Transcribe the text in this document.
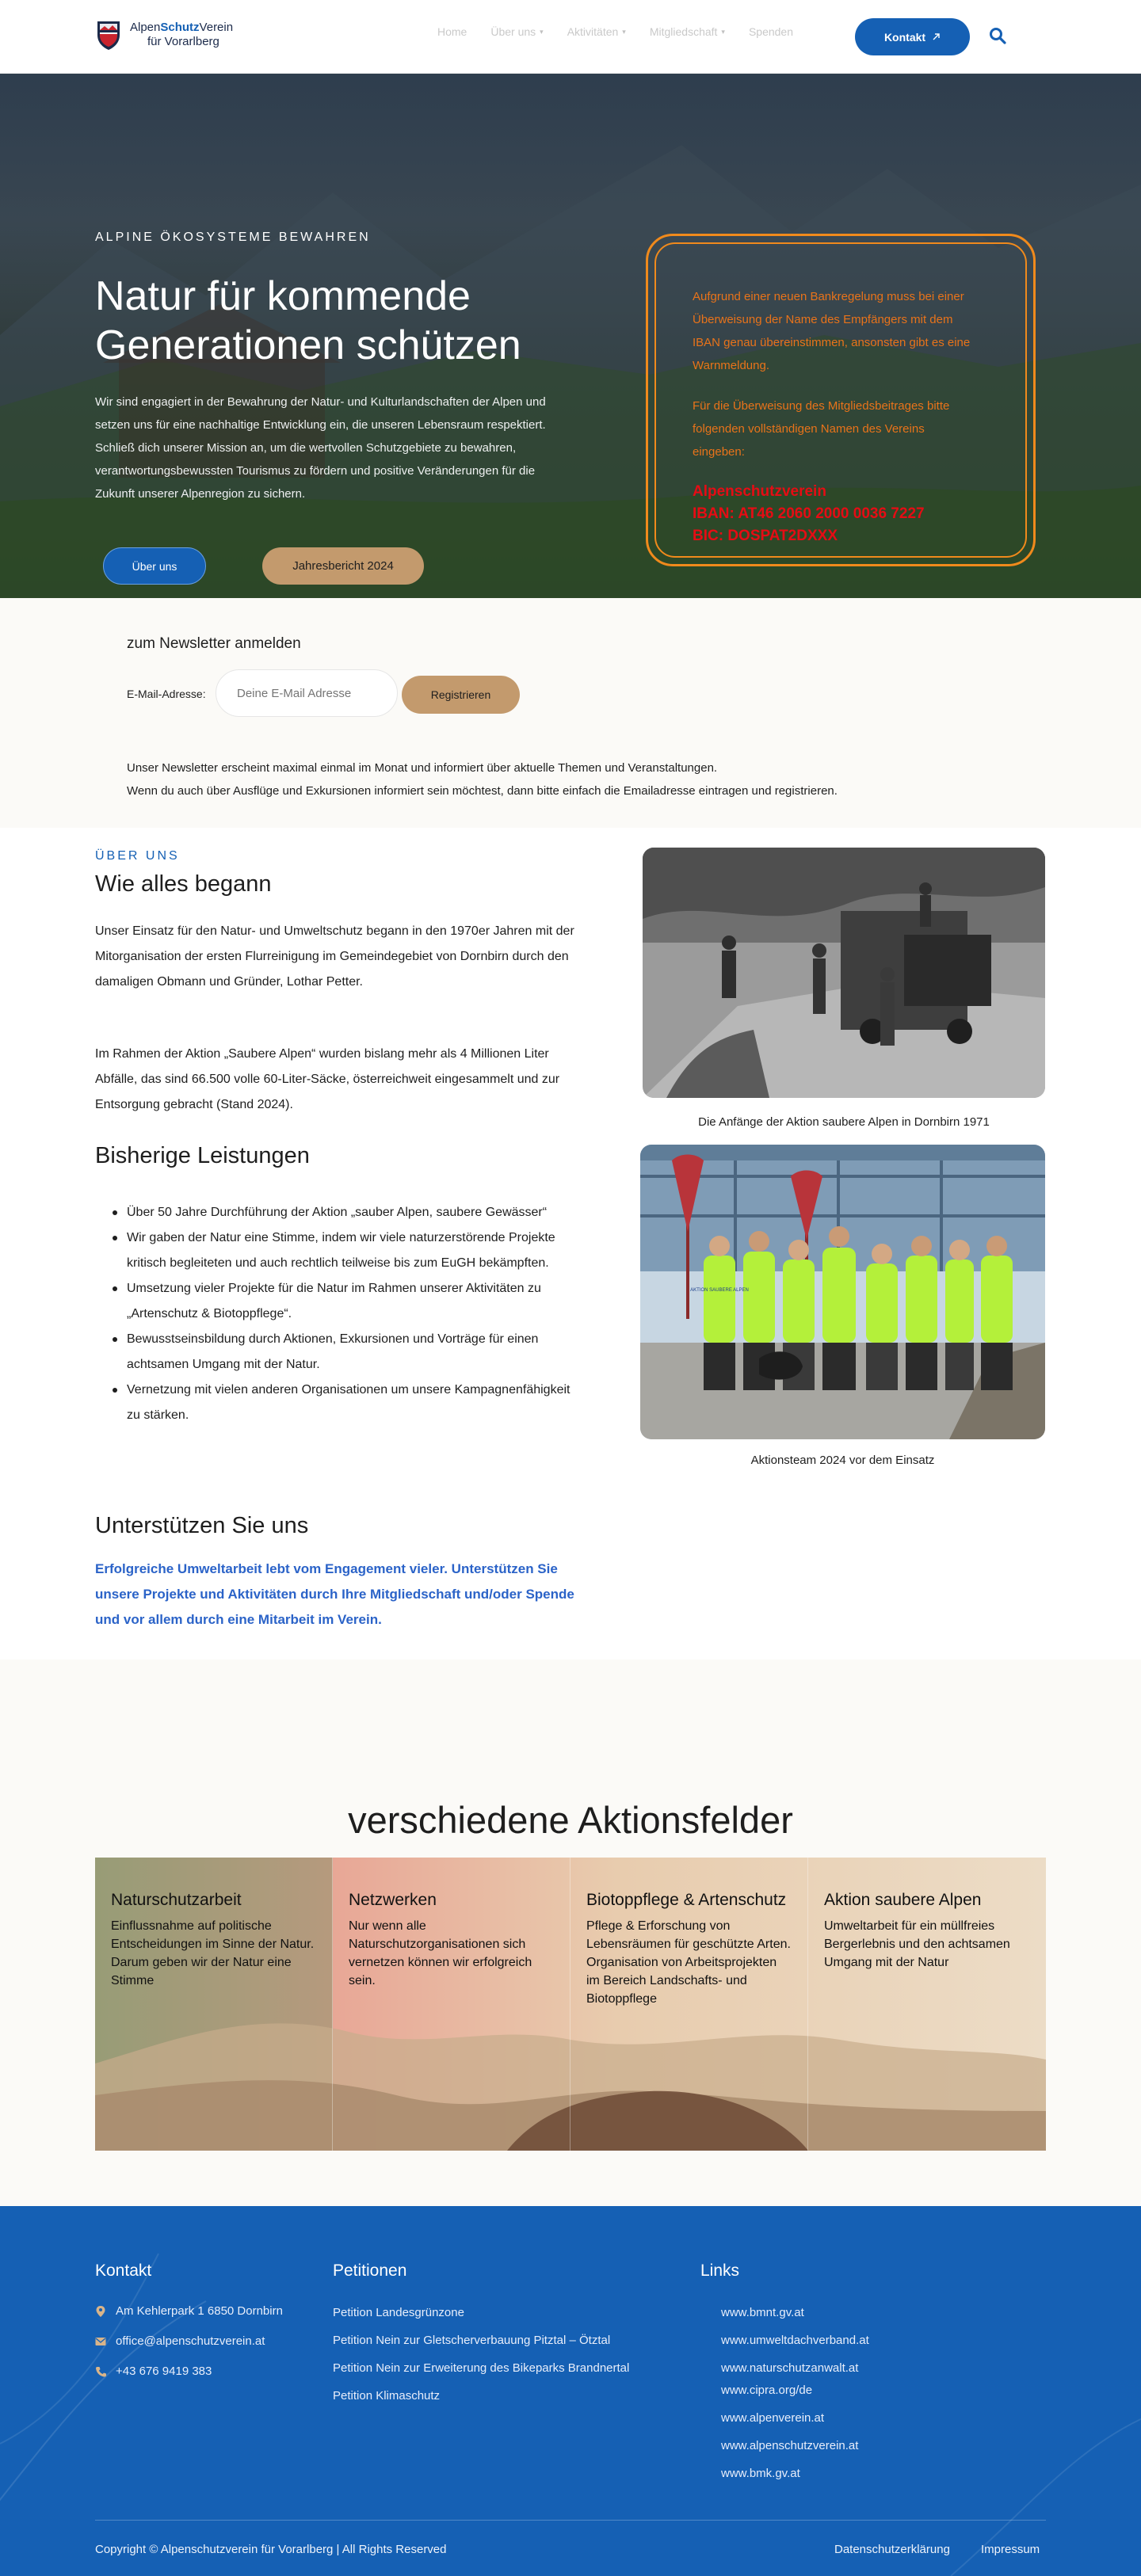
AlpenSchutzVerein
für Vorarlberg
Home Über uns ▾ Aktivitäten ▾ Mitgliedschaft ▾ Spenden	Kontakt
ALPINE ÖKOSYSTEME BEWAHREN
Natur für kommende Generationen schützen

Wir sind engagiert in der Bewahrung der Natur- und Kulturlandschaften der Alpen und setzen uns für eine nachhaltige Entwicklung ein, die unseren Lebensraum respektiert. Schließ dich unserer Mission an, um die wertvollen Schutzgebiete zu bewahren, verantwortungsbewussten Tourismus zu fördern und positive Veränderungen für die Zukunft unserer Alpenregion zu sichern.

Über uns	Jahresbericht 2024

Aufgrund einer neuen Bankregelung muss bei einer Überweisung der Name des Empfängers mit dem IBAN genau übereinstimmen, ansonsten gibt es eine Warnmeldung.

Für die Überweisung des Mitgliedsbeitrages bitte folgenden vollständigen Namen des Vereins eingeben:

Alpenschutzverein
IBAN: AT46 2060 2000 0036 7227
BIC: DOSPAT2DXXX
zum Newsletter anmelden
E-Mail-Adresse:
Deine E-Mail Adresse	Registrieren
Unser Newsletter erscheint maximal einmal im Monat und informiert über aktuelle Themen und Veranstaltungen.
Wenn du auch über Ausflüge und Exkursionen informiert sein möchtest, dann bitte einfach die Emailadresse eintragen und registrieren.
ÜBER UNS
Wie alles begann

Unser Einsatz für den Natur- und Umweltschutz begann in den 1970er Jahren mit der Mitorganisation der ersten Flurreinigung im Gemeindegebiet von Dornbirn durch den damaligen Obmann und Gründer, Lothar Petter.

Im Rahmen der Aktion „Saubere Alpen“ wurden bislang mehr als 4 Millionen Liter Abfälle, das sind 66.500 volle 60-Liter-Säcke, österreichweit eingesammelt und zur Entsorgung gebracht (Stand 2024).

Bisherige Leistungen
Über 50 Jahre Durchführung der Aktion „sauber Alpen, saubere Gewässer“
Wir gaben der Natur eine Stimme, indem wir viele naturzerstörende Projekte kritisch begleiteten und auch rechtlich teilweise bis zum EuGH bekämpften.
Umsetzung vieler Projekte für die Natur im Rahmen unserer Aktivitäten zu „Artenschutz & Biotoppflege“.
Bewusstseinsbildung durch Aktionen, Exkursionen und Vorträge für einen achtsamen Umgang mit der Natur.
Vernetzung mit vielen anderen Organisationen um unsere Kampagnenfähigkeit zu stärken.
Unterstützen Sie uns

Erfolgreiche Umweltarbeit lebt vom Engagement vieler. Unterstützen Sie unsere Projekte und Aktivitäten durch Ihre Mitgliedschaft und/oder Spende und vor allem durch eine Mitarbeit im Verein.

Die Anfänge der Aktion saubere Alpen in Dornbirn 1971
AKTION SAUBERE ALPEN
Aktionsteam 2024 vor dem Einsatz
verschiedene Aktionsfelder
Naturschutzarbeit

Einflussnahme auf politische Entscheidungen im Sinne der Natur. Darum geben wir der Natur eine Stimme

Netzwerken

Nur wenn alle Naturschutzorganisationen sich vernetzen können wir erfolgreich sein.

Biotoppflege & Artenschutz

Pflege & Erforschung von Lebensräumen für geschützte Arten. Organisation von Arbeitsprojekten im Bereich Landschafts- und Biotoppflege

Aktion saubere Alpen

Umweltarbeit für ein müllfreies Bergerlebnis und den achtsamen Umgang mit der Natur

Kontakt
Am Kehlerpark 1 6850 Dornbirn
office@alpenschutzverein.at
+43 676 9419 383
Petitionen
Petition Landesgrünzone
Petition Nein zur Gletscherverbauung Pitztal – Ötztal
Petition Nein zur Erweiterung des Bikeparks Brandnertal
Petition Klimaschutz
Links
www.bmnt.gv.at
www.umweltdachverband.at
www.naturschutzanwalt.at
www.cipra.org/de
www.alpenverein.at
www.alpenschutzverein.at
www.bmk.gv.at
Copyright © Alpenschutzverein für Vorarlberg | All Rights Reserved	Datenschutzerklärung	Impressum
